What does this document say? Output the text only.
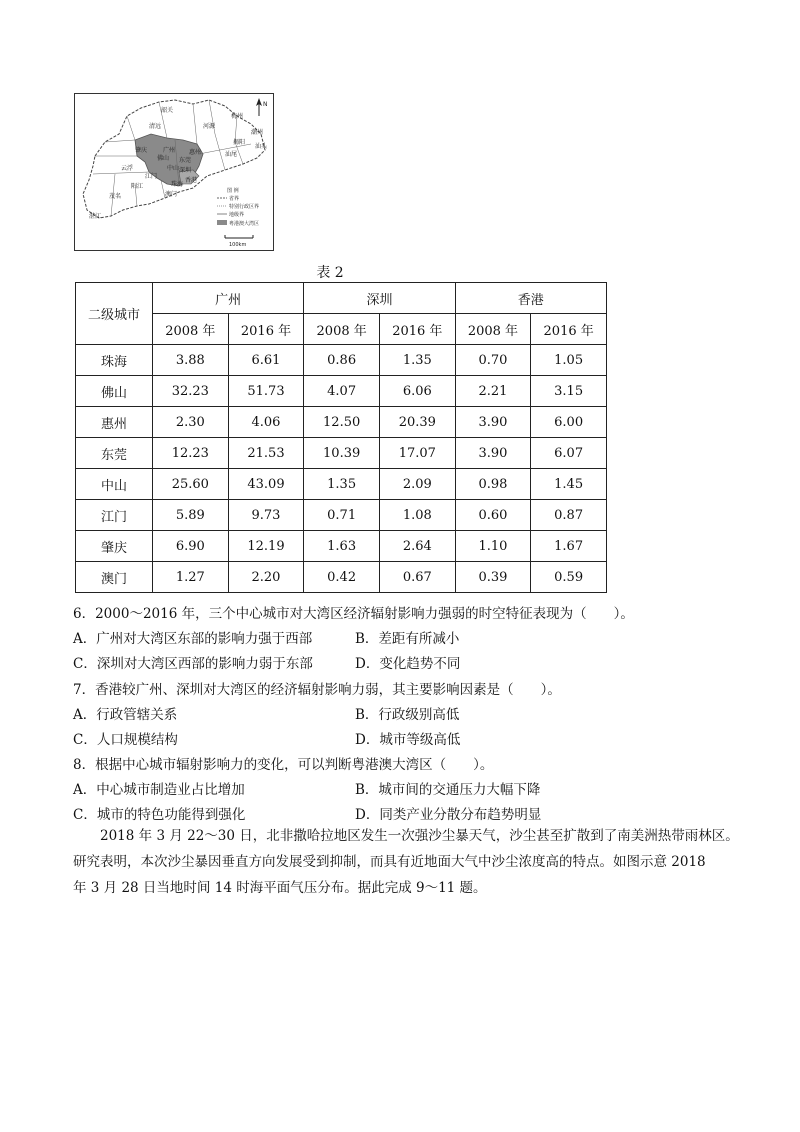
N
韶关
梅州
清远	河源
潮州
揭阳
汕头
汕尾
肇庆	广州 惠州
东莞
深圳
香港
佛山
云浮	中山
珠海
澳门
江门
阳江
茂名
湛江
图 例
省界
特别行政区界
地级界
粤港澳大湾区
100km
表 2
二级城市	广州		深圳		香港	
	2008 年	2016 年	2008 年	2016 年	2008 年	2016 年
珠海	3.88	6.61	0.86	1.35	0.70	1.05
佛山	32.23	51.73	4.07	6.06	2.21	3.15
惠州	2.30	4.06	12.50	20.39	3.90	6.00
东莞	12.23	21.53	10.39	17.07	3.90	6.07
中山	25.60	43.09	1.35	2.09	0.98	1.45
江门	5.89	9.73	0.71	1.08	0.60	0.87
肇庆	6.90	12.19	1.63	2.64	1.10	1.67
澳门	1.27	2.20	0.42	0.67	0.39	0.59
6．2000～2016 年，三个中心城市对大湾区经济辐射影响力强弱的时空特征表现为（　　）。
A．广州对大湾区东部的影响力强于西部	B．差距有所减小
C．深圳对大湾区西部的影响力弱于东部	D．变化趋势不同
7．香港较广州、深圳对大湾区的经济辐射影响力弱，其主要影响因素是（　　）。
A．行政管辖关系	B．行政级别高低
C．人口规模结构	D．城市等级高低
8．根据中心城市辐射影响力的变化，可以判断粤港澳大湾区（　　）。
A．中心城市制造业占比增加	B．城市间的交通压力大幅下降
C．城市的特色功能得到强化	D．同类产业分散分布趋势明显

　　2018 年 3 月 22～30 日，北非撒哈拉地区发生一次强沙尘暴天气，沙尘甚至扩散到了南美洲热带雨林区。

研究表明，本次沙尘暴因垂直方向发展受到抑制，而具有近地面大气中沙尘浓度高的特点。如图示意 2018

年 3 月 28 日当地时间 14 时海平面气压分布。据此完成 9～11 题。
